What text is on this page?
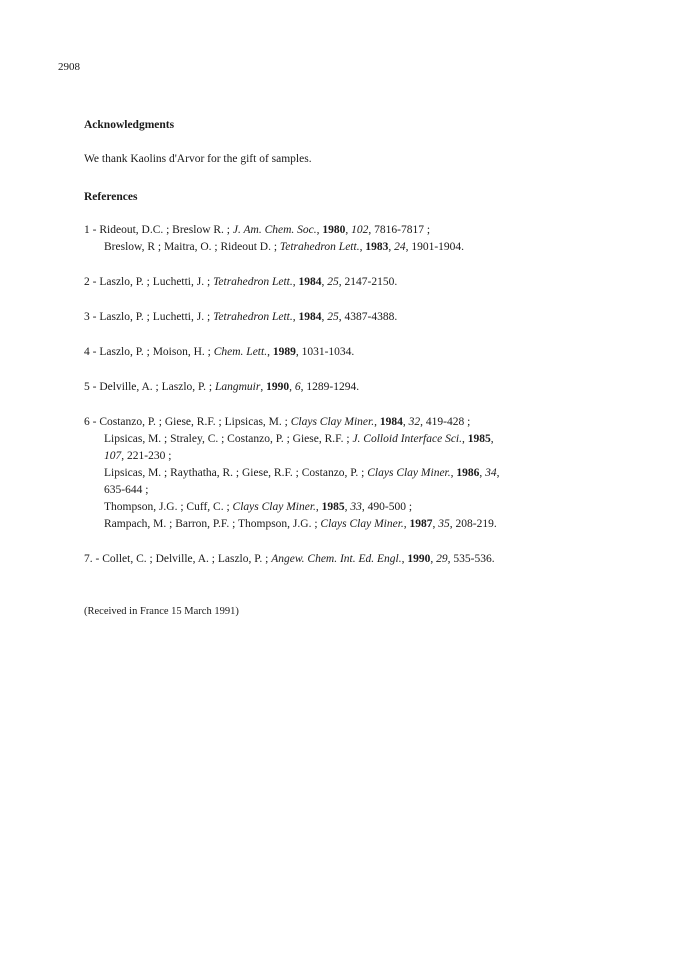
2908
Acknowledgments
We thank Kaolins d'Arvor for the gift of samples.
References
1 - Rideout, D.C. ; Breslow R. ; J. Am. Chem. Soc., 1980, 102, 7816-7817 ;
Breslow, R ; Maitra, O. ; Rideout D. ; Tetrahedron Lett., 1983, 24, 1901-1904.
2 - Laszlo, P. ; Luchetti, J. ; Tetrahedron Lett., 1984, 25, 2147-2150.
3 - Laszlo, P. ; Luchetti, J. ; Tetrahedron Lett., 1984, 25, 4387-4388.
4 - Laszlo, P. ; Moison, H. ; Chem. Lett., 1989, 1031-1034.
5 - Delville, A. ; Laszlo, P. ; Langmuir, 1990, 6, 1289-1294.
6 - Costanzo, P. ; Giese, R.F. ; Lipsicas, M. ; Clays Clay Miner., 1984, 32, 419-428 ;
Lipsicas, M. ; Straley, C. ; Costanzo, P. ; Giese, R.F. ; J. Colloid Interface Sci., 1985,
107, 221-230 ;
Lipsicas, M. ; Raythatha, R. ; Giese, R.F. ; Costanzo, P. ; Clays Clay Miner., 1986, 34,
635-644 ;
Thompson, J.G. ; Cuff, C. ; Clays Clay Miner., 1985, 33, 490-500 ;
Rampach, M. ; Barron, P.F. ; Thompson, J.G. ; Clays Clay Miner., 1987, 35, 208-219.
7. - Collet, C. ; Delville, A. ; Laszlo, P. ; Angew. Chem. Int. Ed. Engl., 1990, 29, 535-536.
(Received in France 15 March 1991)
